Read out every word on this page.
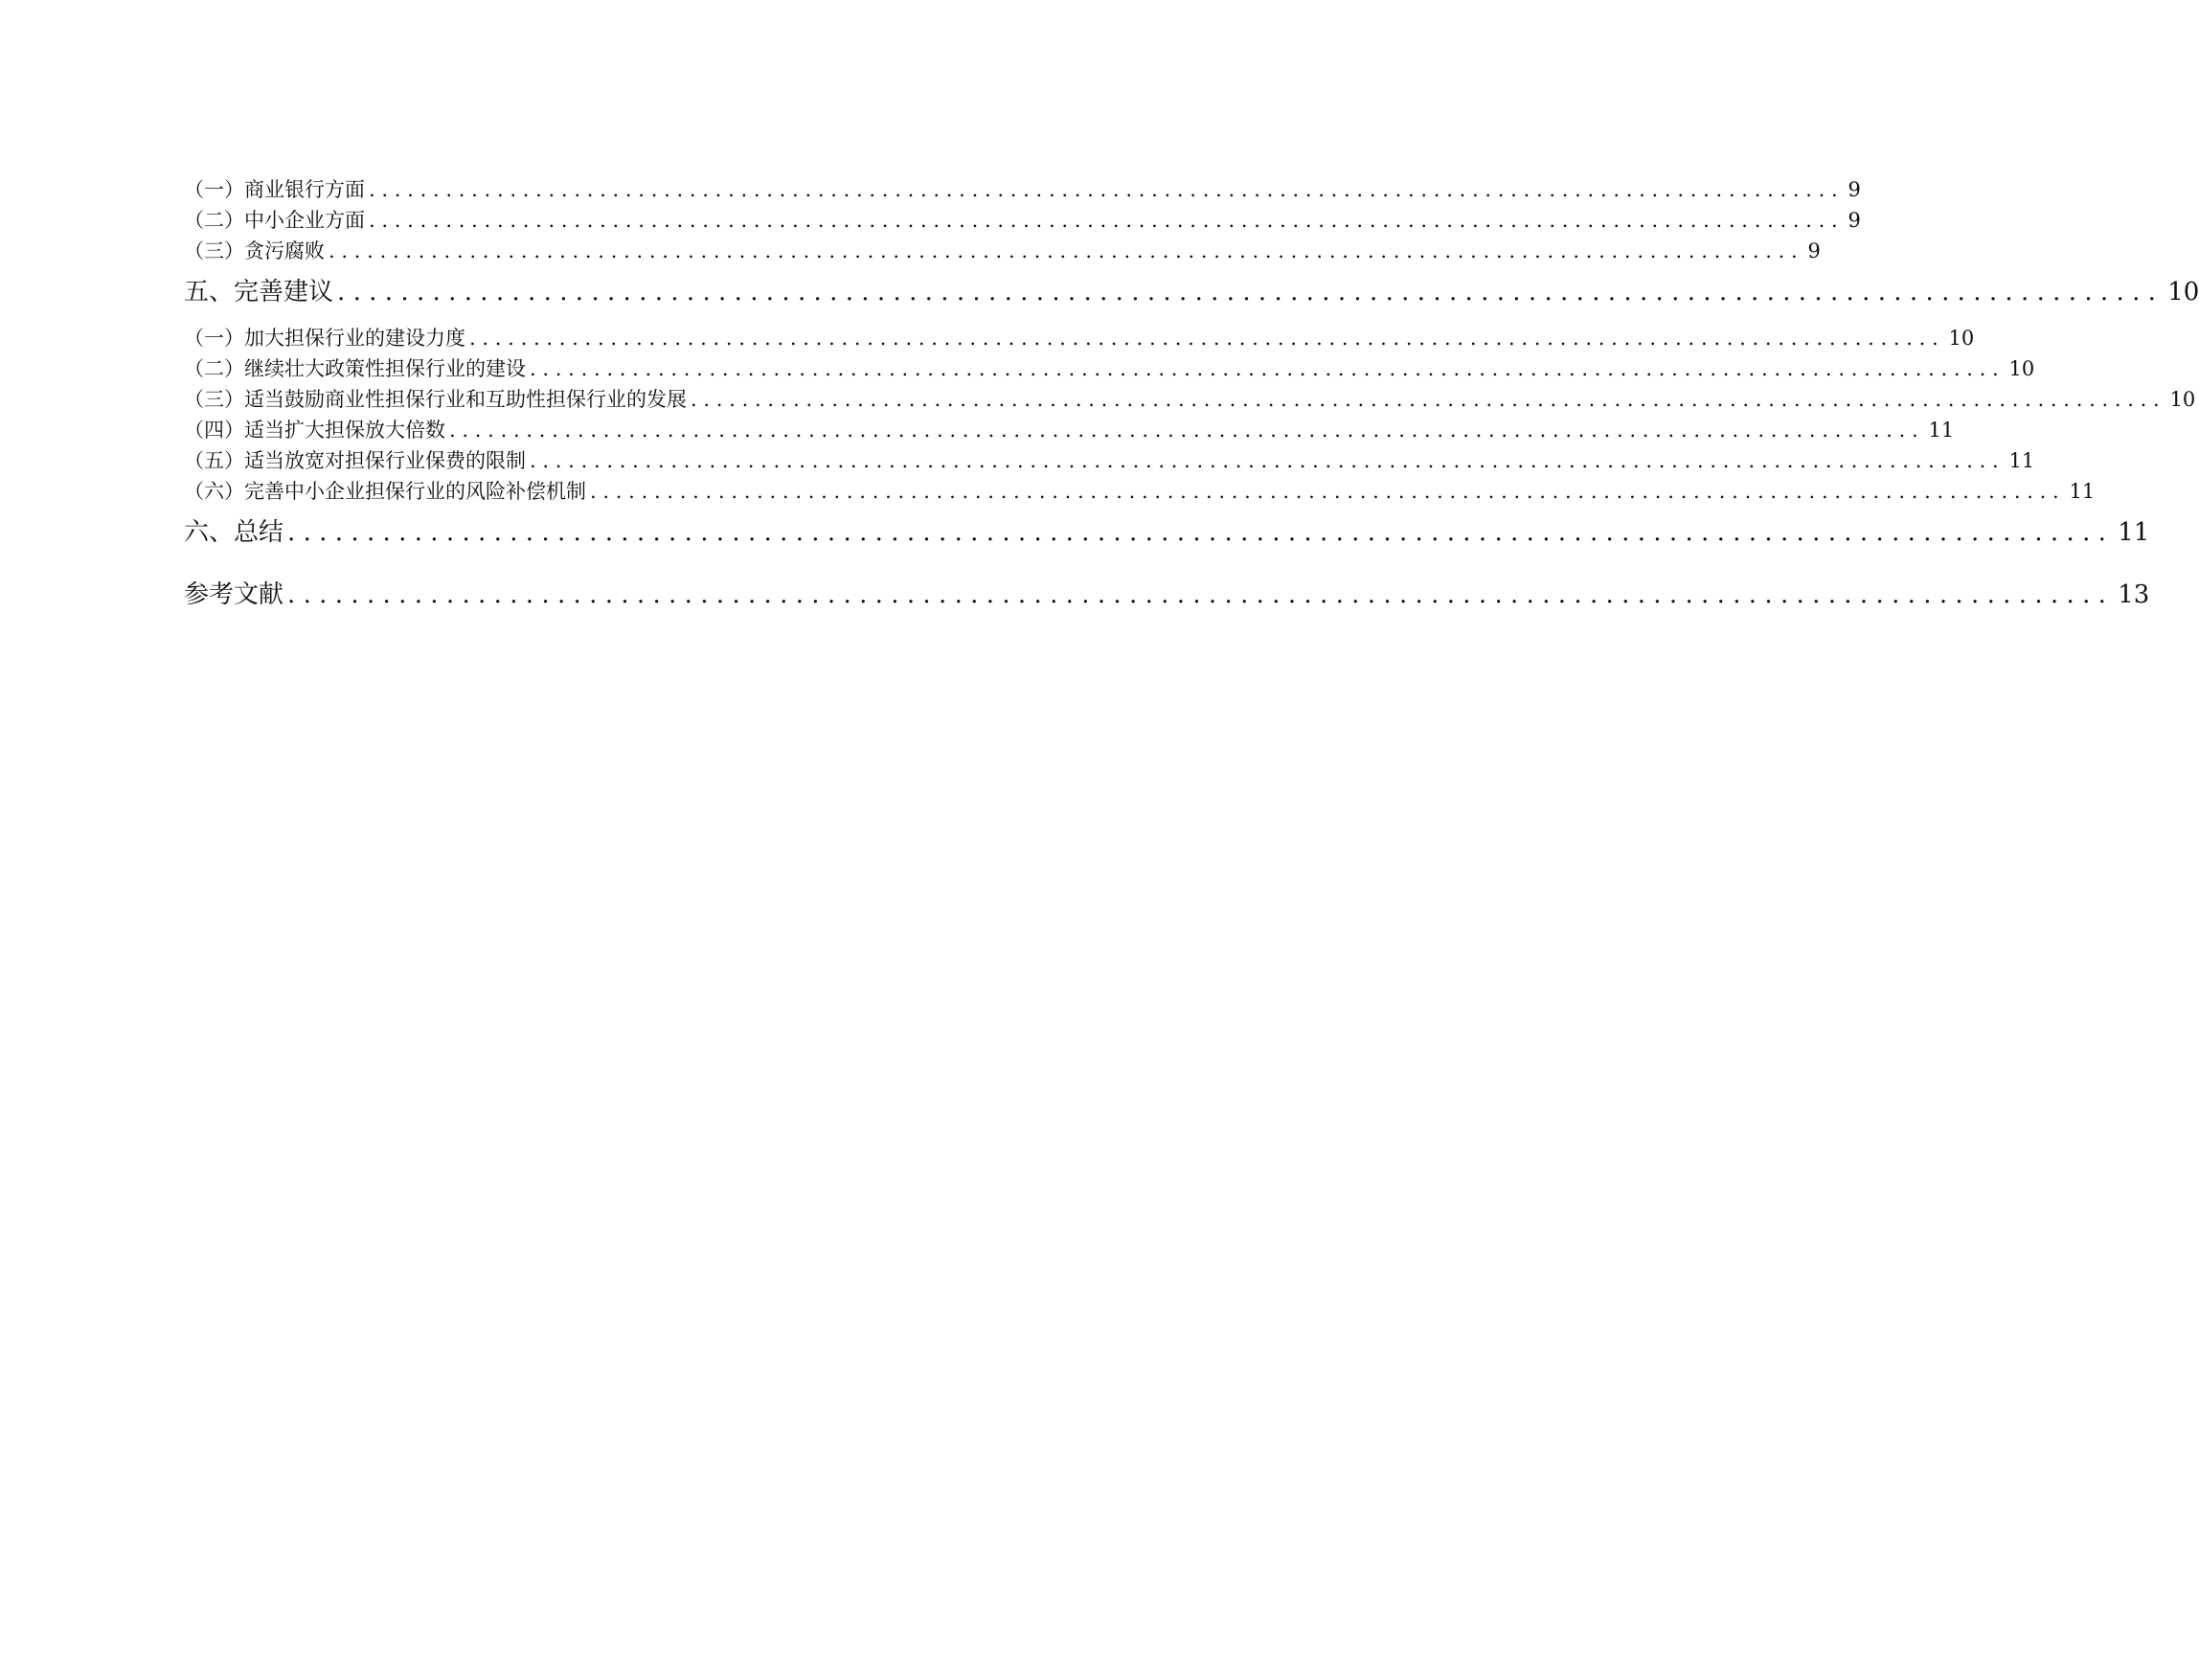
（一）商业银行方面 ................................................................................................................... 9
（二）中小企业方面 ................................................................................................................... 9
（三）贪污腐败 ................................................................................................................... 9
五、完善建议 ................................................................................................................... 10
（一）加大担保行业的建设力度 ................................................................................................................... 10
（二）继续壮大政策性担保行业的建设 ................................................................................................................... 10
（三）适当鼓励商业性担保行业和互助性担保行业的发展 ................................................................................................................... 10
（四）适当扩大担保放大倍数 ................................................................................................................... 11
（五）适当放宽对担保行业保费的限制 ................................................................................................................... 11
（六）完善中小企业担保行业的风险补偿机制 ................................................................................................................... 11
六、总结 ................................................................................................................... 11
参考文献 ................................................................................................................... 13
